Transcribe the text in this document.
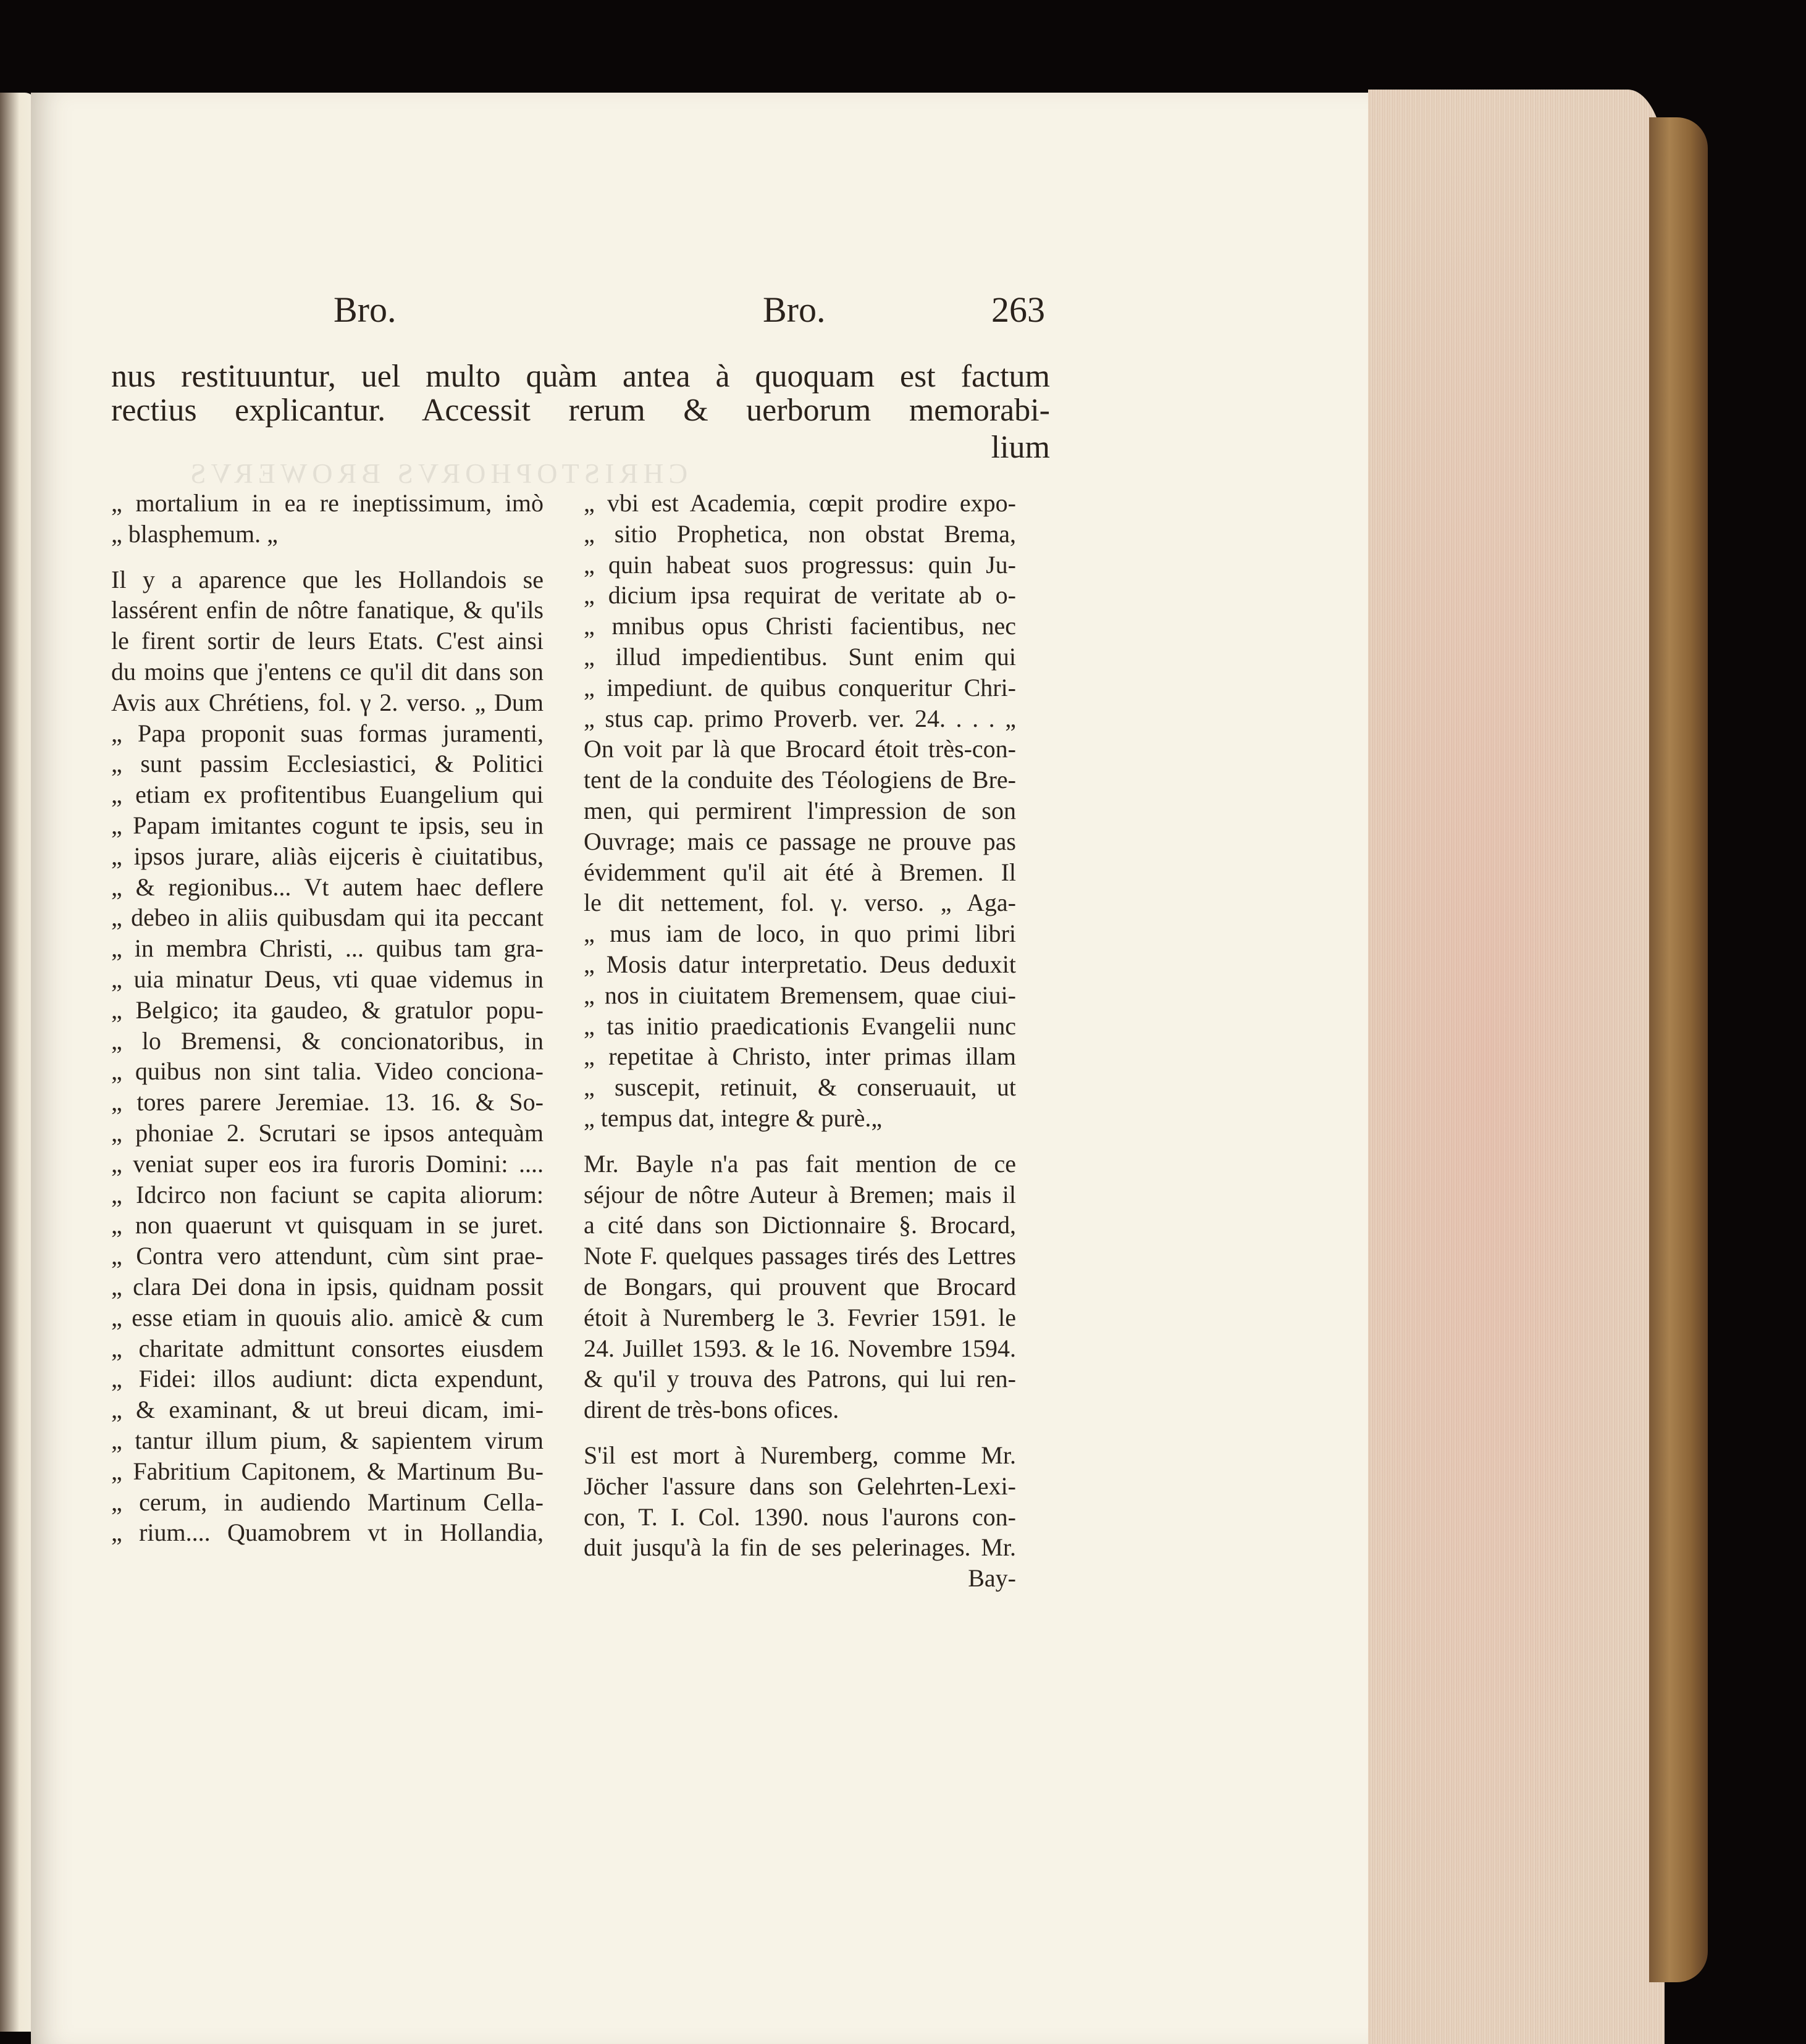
CHRISTOPHORVS BROWERVS
Bro.	Bro.	263
nus restituuntur, uel multo quàm antea à quoquam est factum
rectius explicantur. Accessit rerum & uerborum memorabi-
lium
„ mortalium in ea re ineptissimum, imò
„ blasphemum. „
Il y a aparence que les Hollandois se
lassérent enfin de nôtre fanatique, & qu'ils
le firent sortir de leurs Etats. C'est ainsi
du moins que j'entens ce qu'il dit dans son
Avis aux Chrétiens, fol. γ 2. verso. „ Dum
„ Papa proponit suas formas juramenti,
„ sunt passim Ecclesiastici, & Politici
„ etiam ex profitentibus Euangelium qui
„ Papam imitantes cogunt te ipsis, seu in
„ ipsos jurare, aliàs eijceris è ciuitatibus,
„ & regionibus... Vt autem haec deflere
„ debeo in aliis quibusdam qui ita peccant
„ in membra Christi, ... quibus tam gra-
„ uia minatur Deus, vti quae videmus in
„ Belgico; ita gaudeo, & gratulor popu-
„ lo Bremensi, & concionatoribus, in
„ quibus non sint talia. Video conciona-
„ tores parere Jeremiae. 13. 16. & So-
„ phoniae 2. Scrutari se ipsos antequàm
„ veniat super eos ira furoris Domini: ....
„ Idcirco non faciunt se capita aliorum:
„ non quaerunt vt quisquam in se juret.
„ Contra vero attendunt, cùm sint prae-
„ clara Dei dona in ipsis, quidnam possit
„ esse etiam in quouis alio. amicè & cum
„ charitate admittunt consortes eiusdem
„ Fidei: illos audiunt: dicta expendunt,
„ & examinant, & ut breui dicam, imi-
„ tantur illum pium, & sapientem virum
„ Fabritium Capitonem, & Martinum Bu-
„ cerum, in audiendo Martinum Cella-
„ rium.... Quamobrem vt in Hollandia,
„ vbi est Academia, cœpit prodire expo-
„ sitio Prophetica, non obstat Brema,
„ quin habeat suos progressus: quin Ju-
„ dicium ipsa requirat de veritate ab o-
„ mnibus opus Christi facientibus, nec
„ illud impedientibus. Sunt enim qui
„ impediunt. de quibus conqueritur Chri-
„ stus cap. primo Proverb. ver. 24. . . . „
On voit par là que Brocard étoit très-con-
tent de la conduite des Téologiens de Bre-
men, qui permirent l'impression de son
Ouvrage; mais ce passage ne prouve pas
évidemment qu'il ait été à Bremen. Il
le dit nettement, fol. γ. verso. „ Aga-
„ mus iam de loco, in quo primi libri
„ Mosis datur interpretatio. Deus deduxit
„ nos in ciuitatem Bremensem, quae ciui-
„ tas initio praedicationis Evangelii nunc
„ repetitae à Christo, inter primas illam
„ suscepit, retinuit, & conseruauit, ut
„ tempus dat, integre & purè.„
Mr. Bayle n'a pas fait mention de ce
séjour de nôtre Auteur à Bremen; mais il
a cité dans son Dictionnaire §. Brocard,
Note F. quelques passages tirés des Lettres
de Bongars, qui prouvent que Brocard
étoit à Nuremberg le 3. Fevrier 1591. le
24. Juillet 1593. & le 16. Novembre 1594.
& qu'il y trouva des Patrons, qui lui ren-
dirent de très-bons ofices.
S'il est mort à Nuremberg, comme Mr.
Jöcher l'assure dans son Gelehrten-Lexi-
con, T. I. Col. 1390. nous l'aurons con-
duit jusqu'à la fin de ses pelerinages. Mr.
Bay-
